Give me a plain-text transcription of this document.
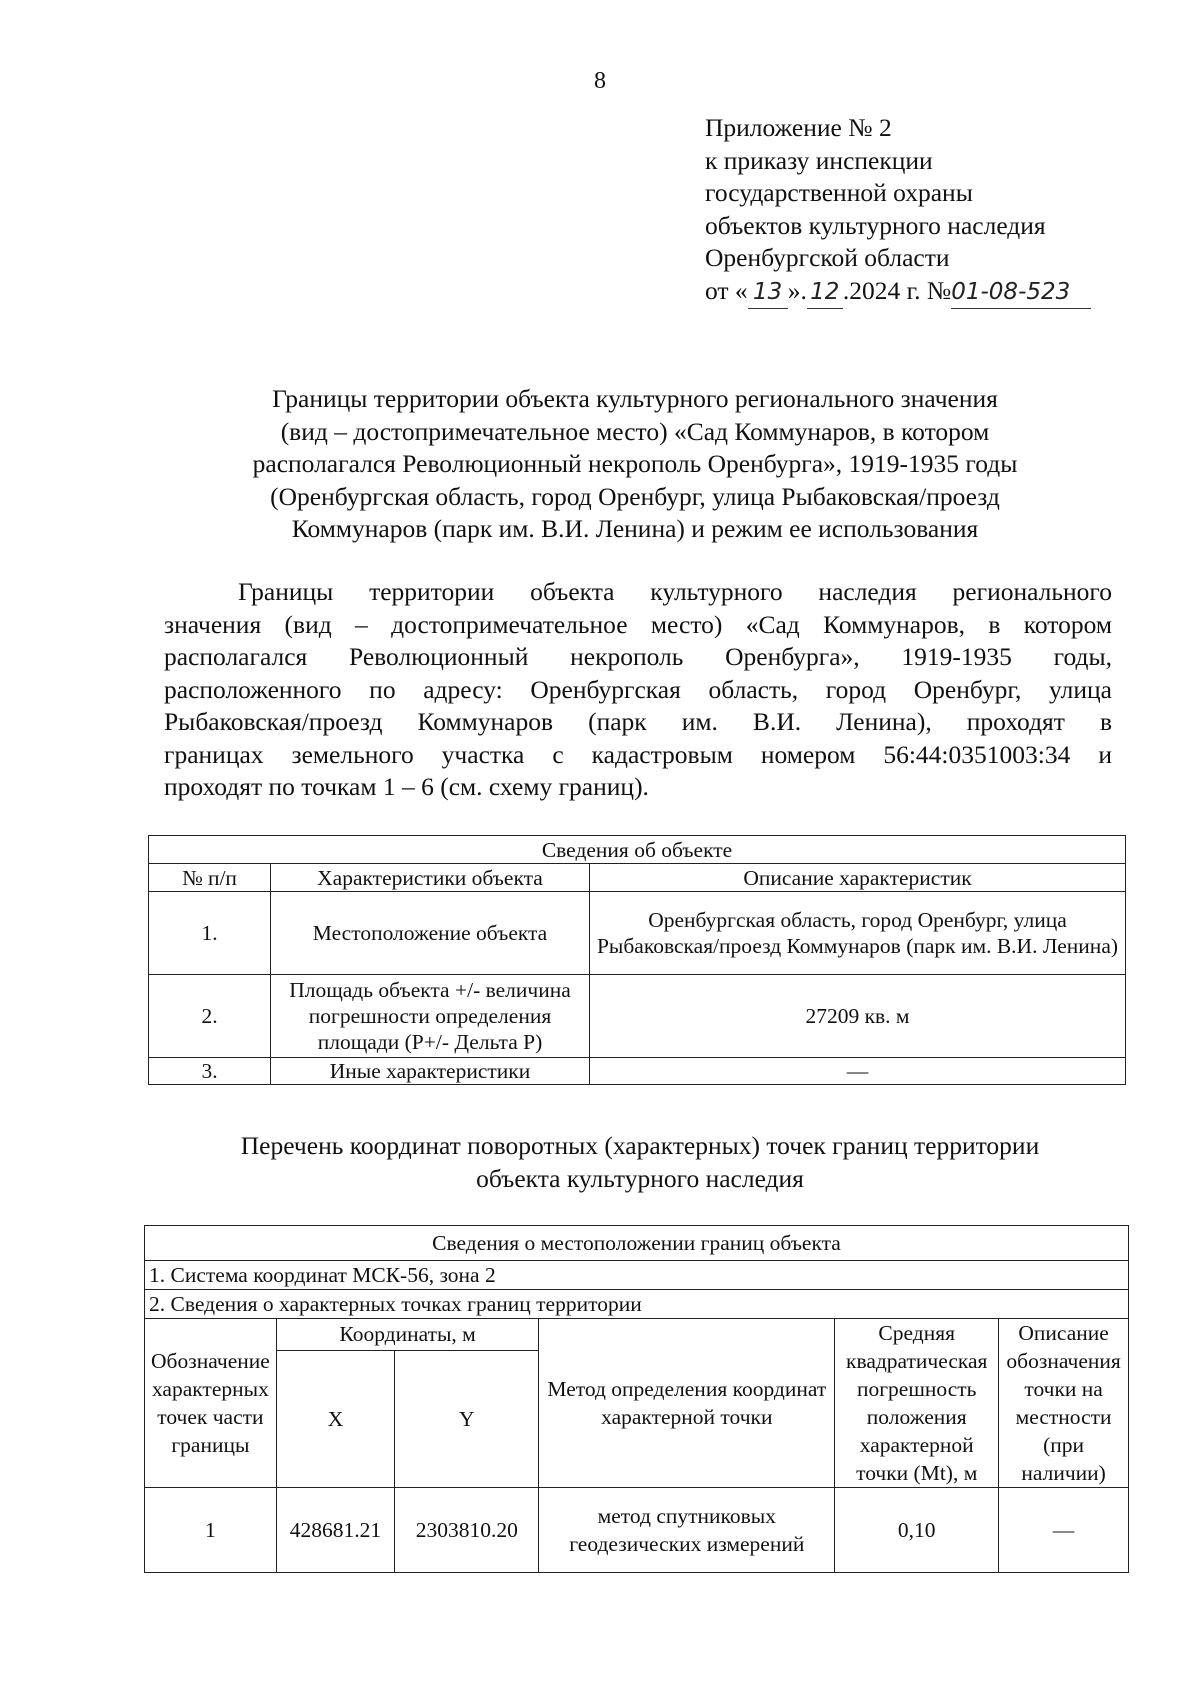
8
Приложение № 2
к приказу инспекции
государственной охраны
объектов культурного наследия
Оренбургской области
от « 13 ». 12 .2024 г. №01-08-523
Границы территории объекта культурного регионального значения
(вид – достопримечательное место) «Сад Коммунаров, в котором
располагался Революционный некрополь Оренбурга», 1919-1935 годы
(Оренбургская область, город Оренбург, улица Рыбаковская/проезд
Коммунаров (парк им. В.И. Ленина) и режим ее использования
Границы территории объекта культурного наследия регионального
значения (вид – достопримечательное место) «Сад Коммунаров, в котором
располагался Революционный некрополь Оренбурга», 1919-1935 годы,
расположенного по адресу: Оренбургская область, город Оренбург, улица
Рыбаковская/проезд Коммунаров (парк им. В.И. Ленина), проходят в
границах земельного участка с кадастровым номером 56:44:0351003:34 и
проходят по точкам 1 – 6 (см. схему границ).
Сведения об объекте		
№ п/п	Характеристики объекта	Описание характеристик
1.	Местоположение объекта	Оренбургская область, город Оренбург, улица Рыбаковская/проезд Коммунаров (парк им. В.И. Ленина)
2.	Площадь объекта +/- величина погрешности определения площади (Р+/- Дельта Р)	27209 кв. м
3.	Иные характеристики	—
Перечень координат поворотных (характерных) точек границ территории
объекта культурного наследия
Сведения о местоположении границ объекта					
1. Система координат МСК-56, зона 2					
2. Сведения о характерных точках границ территории					
Обозначение характерных точек части границы	Координаты, м		Метод определения координат характерной точки	Средняя квадратическая погрешность положения характерной точки (Mt), м	Описание обозначения точки на местности (при наличии)
	X	Y			
1	428681.21	2303810.20	метод спутниковых геодезических измерений	0,10	—
